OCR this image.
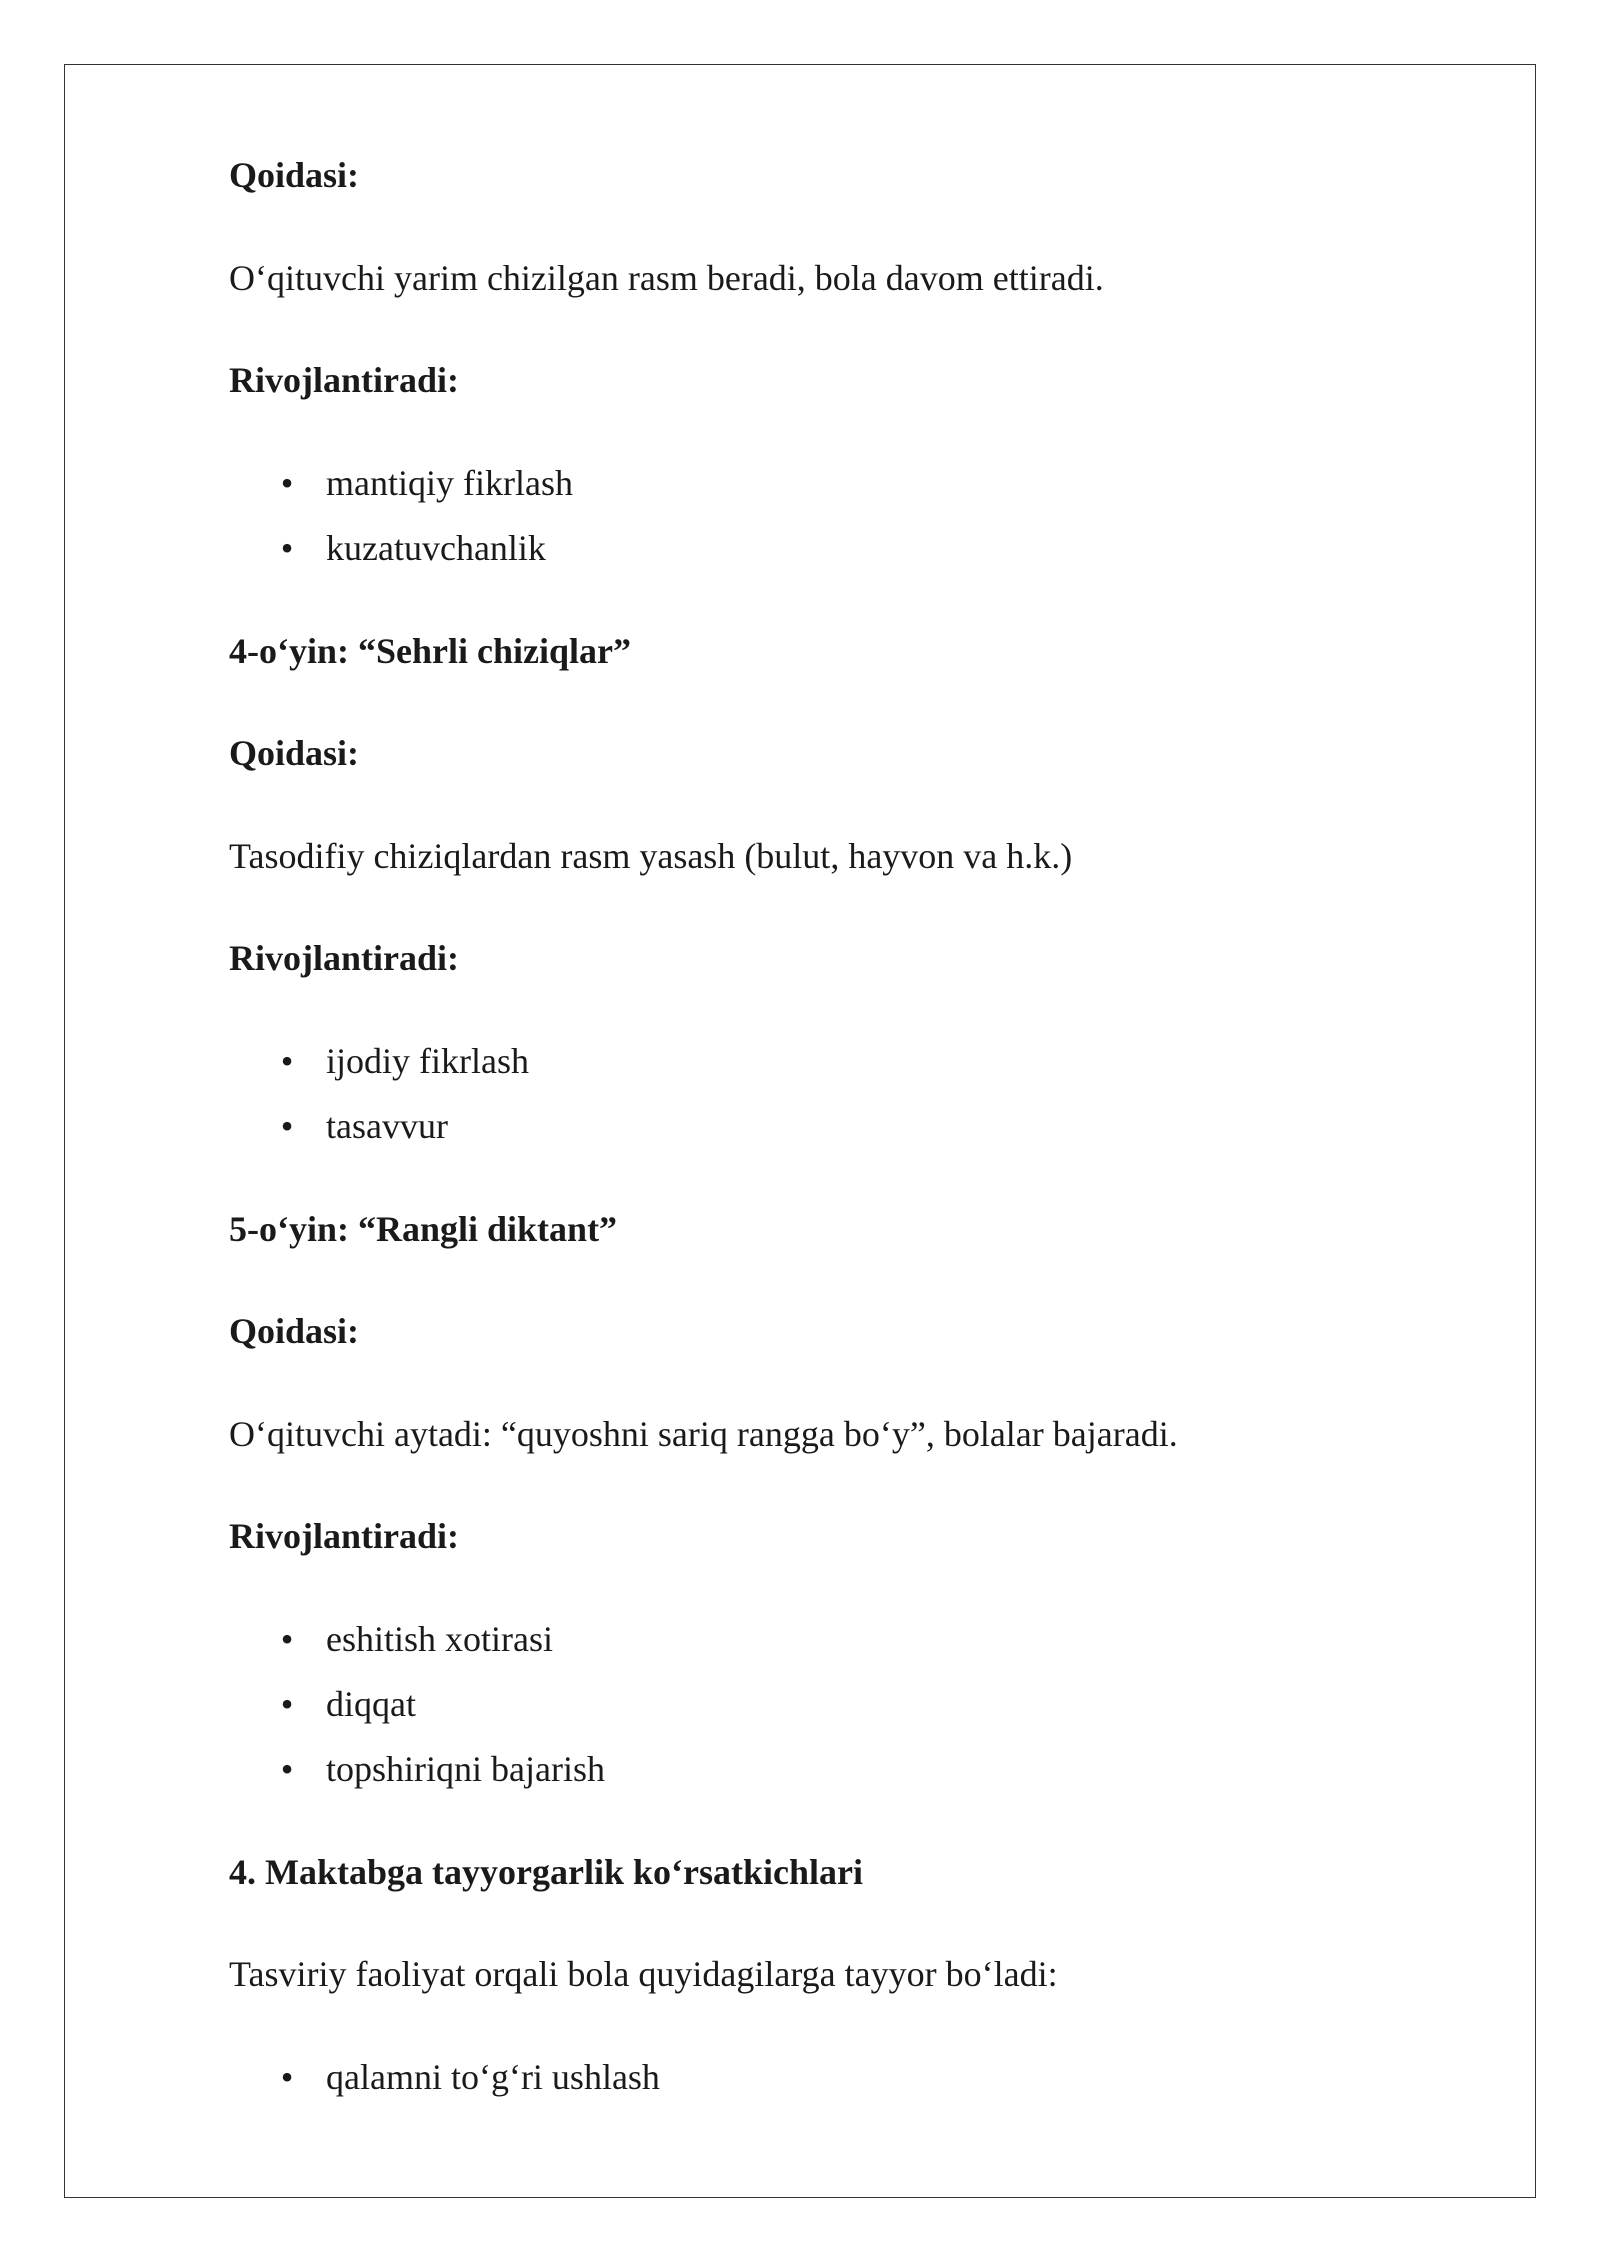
Qoidasi:
O‘qituvchi yarim chizilgan rasm beradi, bola davom ettiradi.
Rivojlantiradi:
• mantiqiy fikrlash
• kuzatuvchanlik
4-o‘yin: “Sehrli chiziqlar”
Qoidasi:
Tasodifiy chiziqlardan rasm yasash (bulut, hayvon va h.k.)
Rivojlantiradi:
• ijodiy fikrlash
• tasavvur
5-o‘yin: “Rangli diktant”
Qoidasi:
O‘qituvchi aytadi: “quyoshni sariq rangga bo‘y”, bolalar bajaradi.
Rivojlantiradi:
• eshitish xotirasi
• diqqat
• topshiriqni bajarish
4. Maktabga tayyorgarlik ko‘rsatkichlari
Tasviriy faoliyat orqali bola quyidagilarga tayyor bo‘ladi:
• qalamni to‘g‘ri ushlash
